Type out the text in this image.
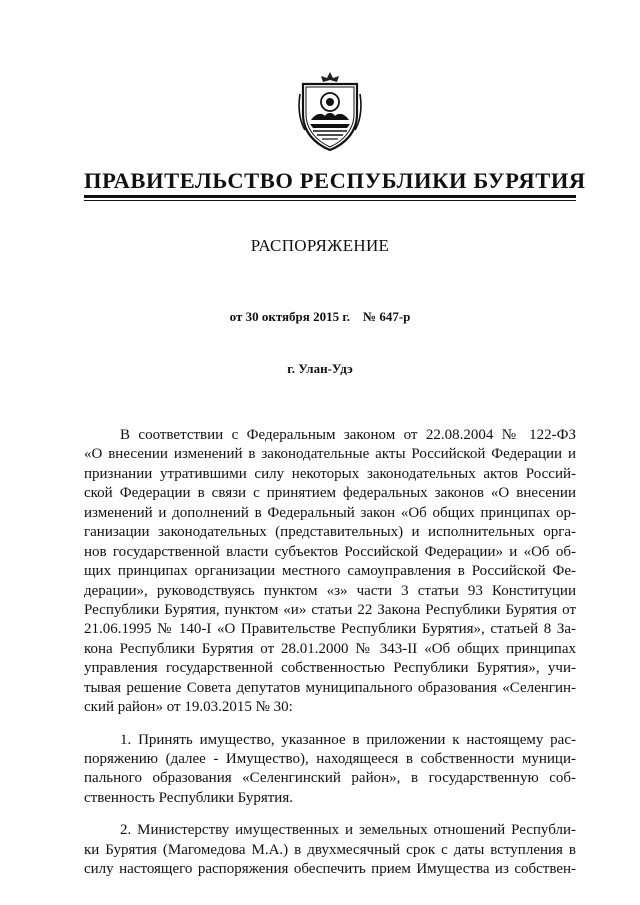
ПРАВИТЕЛЬСТВО РЕСПУБЛИКИ БУРЯТИЯ
РАСПОРЯЖЕНИЕ
от 30 октября 2015 г.    № 647-р
г. Улан-Удэ
В соответствии с Федеральным законом от 22.08.2004 № 122-ФЗ
«О внесении изменений в законодательные акты Российской Федерации и
признании утратившими силу некоторых законодательных актов Россий-
ской Федерации в связи с принятием федеральных законов «О внесении
изменений и дополнений в Федеральный закон «Об общих принципах ор-
ганизации законодательных (представительных) и исполнительных орга-
нов государственной власти субъектов Российской Федерации» и «Об об-
щих принципах организации местного самоуправления в Российской Фе-
дерации», руководствуясь пунктом «з» части 3 статьи 93 Конституции
Республики Бурятия, пунктом «и» статьи 22 Закона Республики Бурятия от
21.06.1995 № 140-I «О Правительстве Республики Бурятия», статьей 8 За-
кона Республики Бурятия от 28.01.2000 № 343-II «Об общих принципах
управления государственной собственностью Республики Бурятия», учи-
тывая решение Совета депутатов муниципального образования «Селенгин-
ский район» от 19.03.2015 № 30:
1. Принять имущество, указанное в приложении к настоящему рас-
поряжению (далее - Имущество), находящееся в собственности муници-
пального образования «Селенгинский район», в государственную соб-
ственность Республики Бурятия.
2. Министерству имущественных и земельных отношений Республи-
ки Бурятия (Магомедова М.А.) в двухмесячный срок с даты вступления в
силу настоящего распоряжения обеспечить прием Имущества из собствен-
